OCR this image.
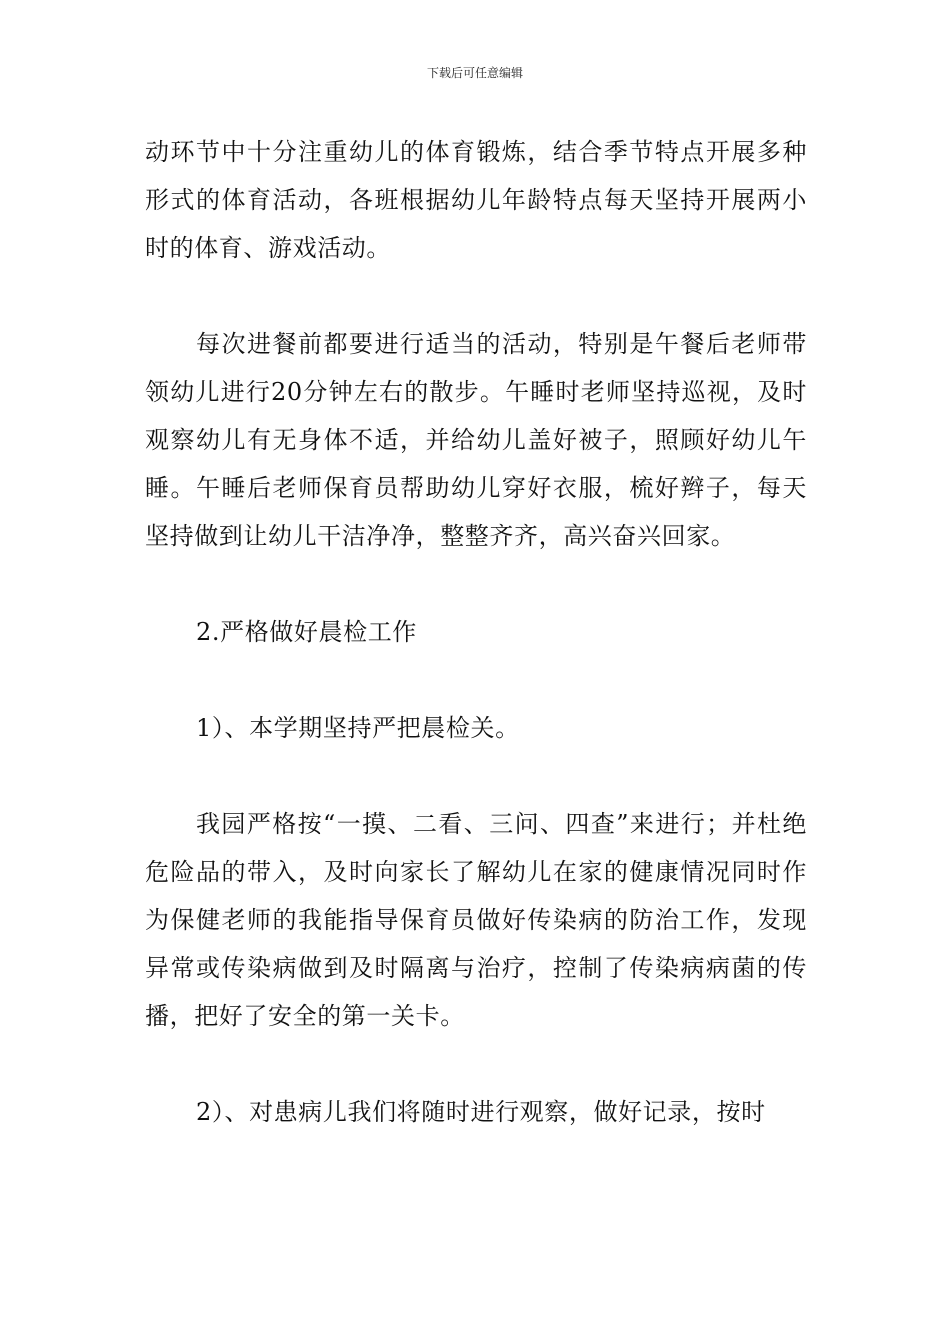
下载后可任意编辑

动环节中十分注重幼儿的体育锻炼，结合季节特点开展多种形式的体育活动，各班根据幼儿年龄特点每天坚持开展两小时的体育、游戏活动。

每次进餐前都要进行适当的活动，特别是午餐后老师带领幼儿进行20分钟左右的散步。午睡时老师坚持巡视，及时观察幼儿有无身体不适，并给幼儿盖好被子，照顾好幼儿午睡。午睡后老师保育员帮助幼儿穿好衣服，梳好辫子，每天坚持做到让幼儿干洁净净，整整齐齐，高兴奋兴回家。

2.严格做好晨检工作

1）、本学期坚持严把晨检关。

我园严格按“一摸、二看、三问、四查”来进行；并杜绝危险品的带入，及时向家长了解幼儿在家的健康情况同时作为保健老师的我能指导保育员做好传染病的防治工作，发现异常或传染病做到及时隔离与治疗，控制了传染病病菌的传播，把好了安全的第一关卡。

2）、对患病儿我们将随时进行观察，做好记录，按时
